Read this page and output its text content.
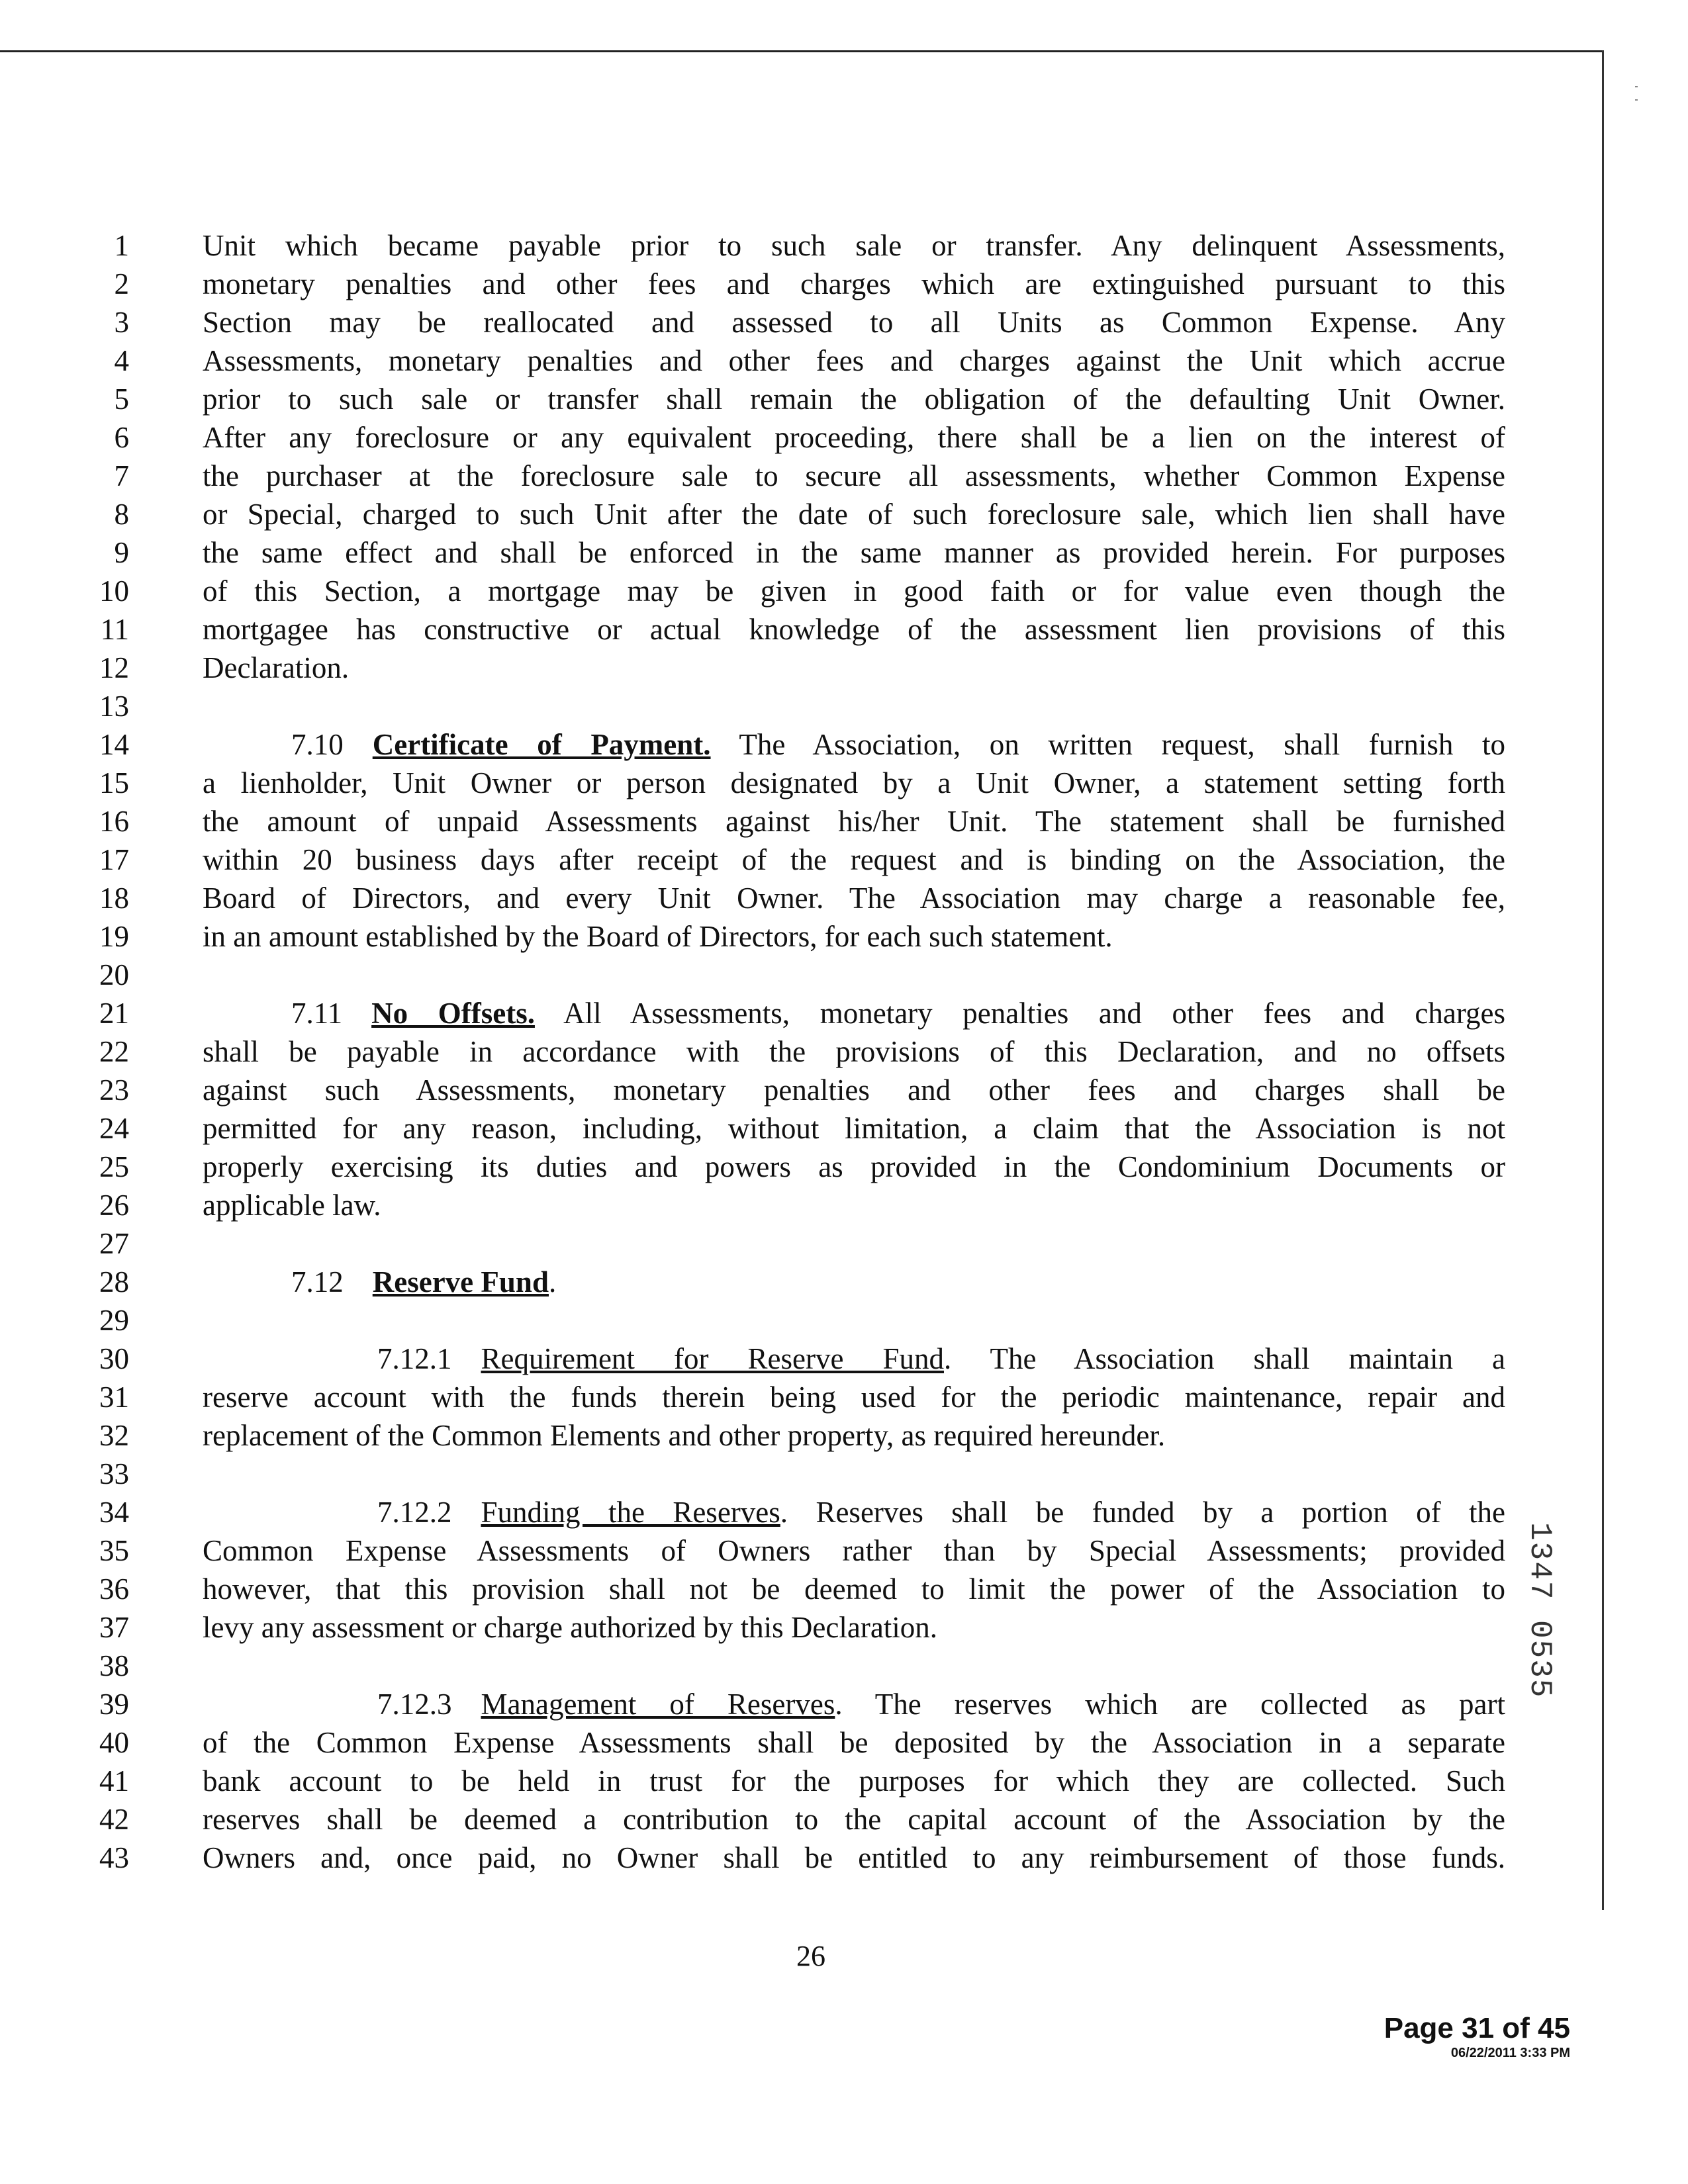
1 Unit which became payable prior to such sale or transfer. Any delinquent Assessments,
2 monetary penalties and other fees and charges which are extinguished pursuant to this
3 Section may be reallocated and assessed to all Units as Common Expense. Any
4 Assessments, monetary penalties and other fees and charges against the Unit which accrue
5 prior to such sale or transfer shall remain the obligation of the defaulting Unit Owner.
6 After any foreclosure or any equivalent proceeding, there shall be a lien on the interest of
7 the purchaser at the foreclosure sale to secure all assessments, whether Common Expense
8 or Special, charged to such Unit after the date of such foreclosure sale, which lien shall have
9 the same effect and shall be enforced in the same manner as provided herein. For purposes
10 of this Section, a mortgage may be given in good faith or for value even though the
11 mortgagee has constructive or actual knowledge of the assessment lien provisions of this
12 Declaration.
13
14	7.10 Certificate of Payment. The Association, on written request, shall furnish to
15 a lienholder, Unit Owner or person designated by a Unit Owner, a statement setting forth
16 the amount of unpaid Assessments against his/her Unit. The statement shall be furnished
17 within 20 business days after receipt of the request and is binding on the Association, the
18 Board of Directors, and every Unit Owner. The Association may charge a reasonable fee,
19 in an amount established by the Board of Directors, for each such statement.
20
21	7.11 No Offsets. All Assessments, monetary penalties and other fees and charges
22 shall be payable in accordance with the provisions of this Declaration, and no offsets
23 against such Assessments, monetary penalties and other fees and charges shall be
24 permitted for any reason, including, without limitation, a claim that the Association is not
25 properly exercising its duties and powers as provided in the Condominium Documents or
26 applicable law.
27
28	7.12 Reserve Fund.
29
30	7.12.1 Requirement for Reserve Fund. The Association shall maintain a
31 reserve account with the funds therein being used for the periodic maintenance, repair and
32 replacement of the Common Elements and other property, as required hereunder.
33
34	7.12.2 Funding the Reserves. Reserves shall be funded by a portion of the
35 Common Expense Assessments of Owners rather than by Special Assessments; provided
36 however, that this provision shall not be deemed to limit the power of the Association to
37 levy any assessment or charge authorized by this Declaration.
38
39	7.12.3 Management of Reserves. The reserves which are collected as part
40 of the Common Expense Assessments shall be deposited by the Association in a separate
41 bank account to be held in trust for the purposes for which they are collected. Such
42 reserves shall be deemed a contribution to the capital account of the Association by the
43 Owners and, once paid, no Owner shall be entitled to any reimbursement of those funds.
1347 0535
26
Page 31 of 45
06/22/2011 3:33 PM
